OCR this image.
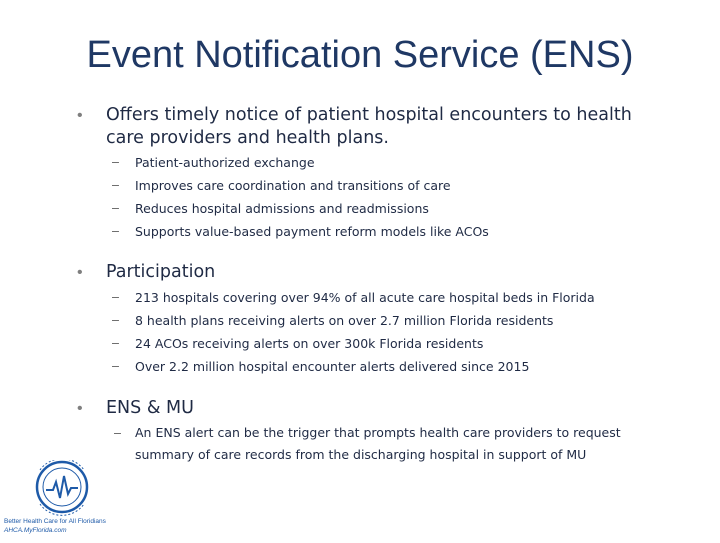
Event Notification Service (ENS)
• Offers timely notice of patient hospital encounters to health care providers and health plans.
– Patient-authorized exchange
– Improves care coordination and transitions of care
– Reduces hospital admissions and readmissions
– Supports value-based payment reform models like ACOs
• Participation
– 213 hospitals covering over 94% of all acute care hospital beds in Florida
– 8 health plans receiving alerts on over 2.7 million Florida residents
– 24 ACOs receiving alerts on over 300k Florida residents
– Over 2.2 million hospital encounter alerts delivered since 2015
• ENS & MU
– An ENS alert can be the trigger that prompts health care providers to request summary of care records from the discharging hospital in support of MU
Better Health Care for All Floridians
AHCA.MyFlorida.com
